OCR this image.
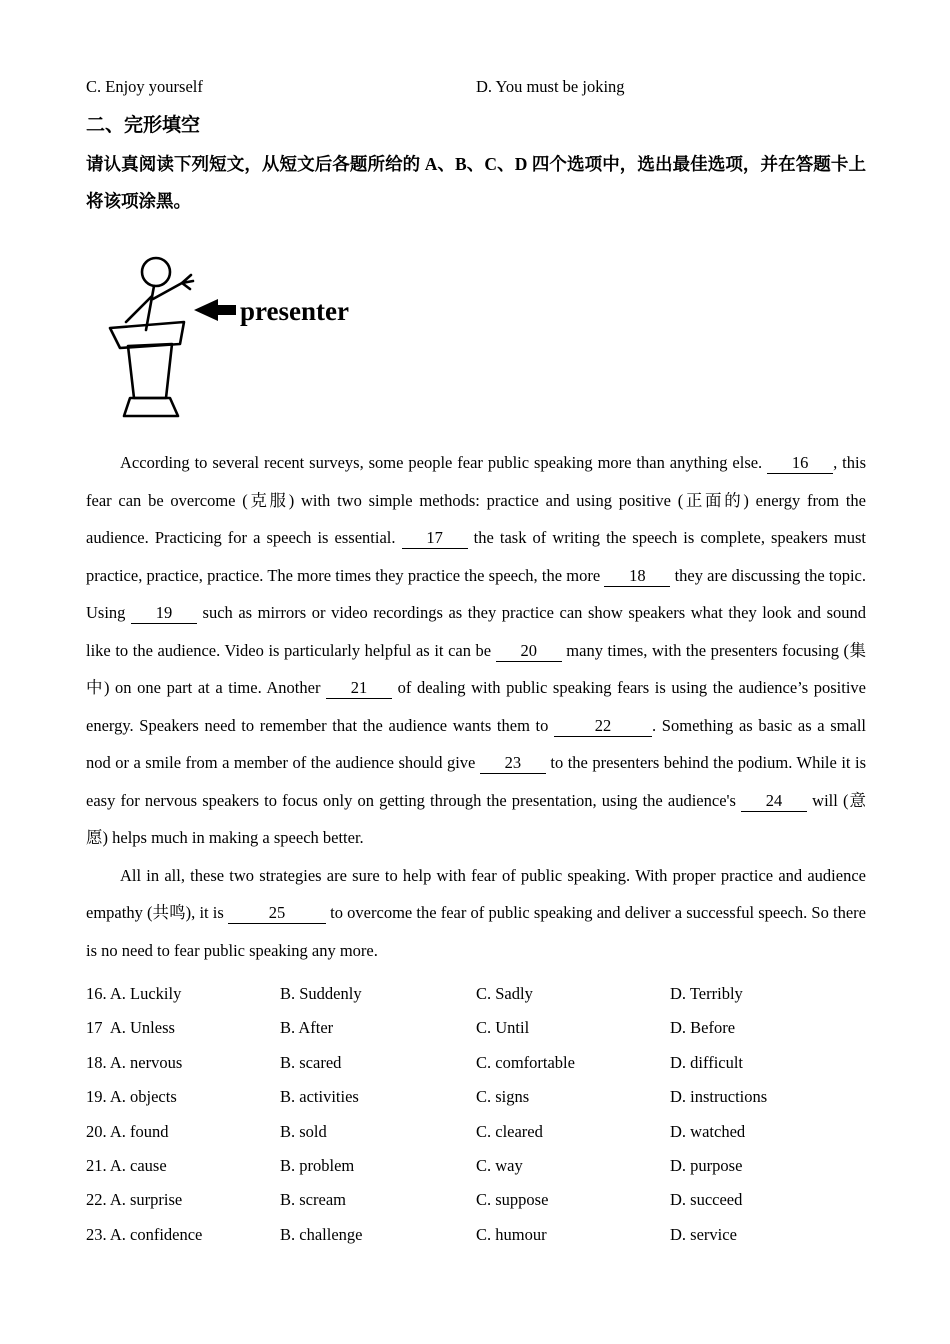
C. Enjoy yourself	D. You must be joking
二、完形填空

请认真阅读下列短文，从短文后各题所给的 A、B、C、D 四个选项中，选出最佳选项，并在答题卡上将该项涂黑。

presenter

According to several recent surveys, some people fear public speaking more than anything else. 16 , this fear can be overcome (克服) with two simple methods: practice and using positive (正面的) energy from the audience. Practicing for a speech is essential. 17 the task of writing the speech is complete, speakers must practice, practice, practice. The more times they practice the speech, the more 18 they are discussing the topic. Using 19 such as mirrors or video recordings as they practice can show speakers what they look and sound like to the audience. Video is particularly helpful as it can be 20 many times, with the presenters focusing (集中) on one part at a time. Another 21 of dealing with public speaking fears is using the audience’s positive energy. Speakers need to remember that the audience wants them to 22 . Something as basic as a small nod or a smile from a member of the audience should give 23 to the presenters behind the podium. While it is easy for nervous speakers to focus only on getting through the presentation, using the audience's 24 will (意愿) helps much in making a speech better.

All in all, these two strategies are sure to help with fear of public speaking. With proper practice and audience empathy (共鸣), it is 25 to overcome the fear of public speaking and deliver a successful speech. So there is no need to fear public speaking any more.

16. A. Luckily	B. Suddenly	C. Sadly	D. Terribly
17  A. Unless	B. After	C. Until	D. Before
18. A. nervous	B. scared	C. comfortable	D. difficult
19. A. objects	B. activities	C. signs	D. instructions
20. A. found	B. sold	C. cleared	D. watched
21. A. cause	B. problem	C. way	D. purpose
22. A. surprise	B. scream	C. suppose	D. succeed
23. A. confidence	B. challenge	C. humour	D. service
